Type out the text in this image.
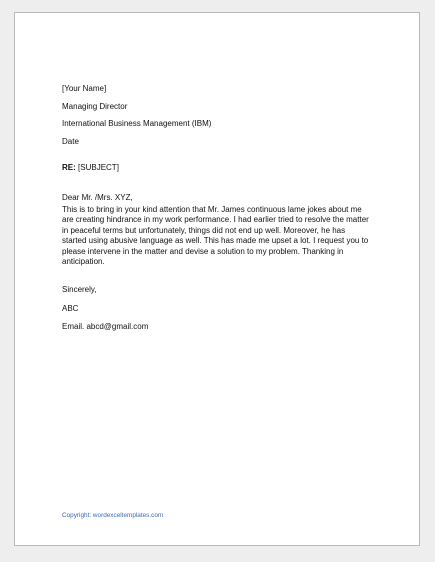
[Your Name]

Managing Director

International Business Management (IBM)

Date

RE: [SUBJECT]

Dear Mr. /Mrs. XYZ,

This is to bring in your kind attention that Mr. James continuous lame jokes about me

are creating hindrance in my work performance. I had earlier tried to resolve the matter

in peaceful terms but unfortunately, things did not end up well. Moreover, he has

started using abusive language as well. This has made me upset a lot. I request you to

please intervene in the matter and devise a solution to my problem. Thanking in

anticipation.

Sincerely,

ABC

Email. abcd@gmail.com

Copyright: wordexceltemplates.com
